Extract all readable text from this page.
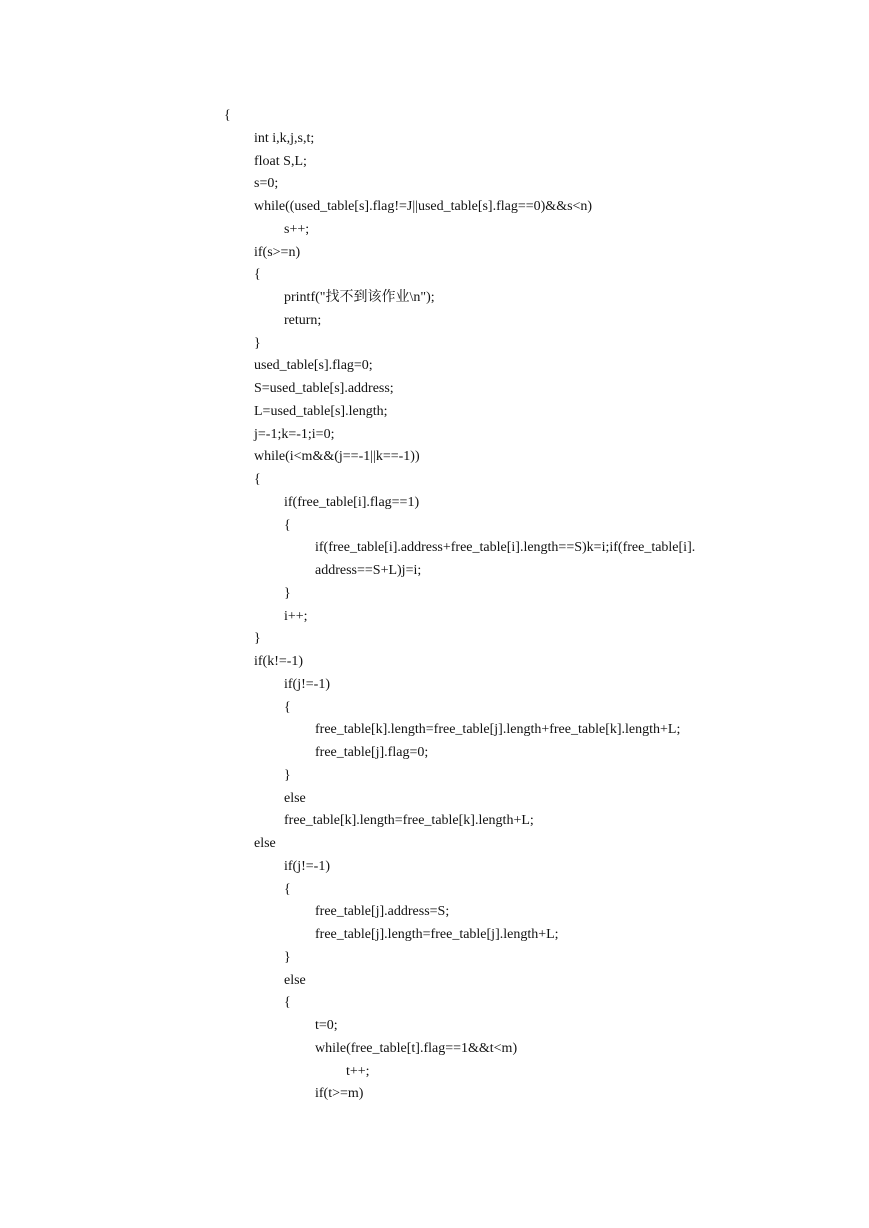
{
int i,k,j,s,t;
float S,L;
s=0;
while((used_table[s].flag!=J||used_table[s].flag==0)&&s<n)
s++;
if(s>=n)
{
printf("找不到该作业\n");
return;
}
used_table[s].flag=0;
S=used_table[s].address;
L=used_table[s].length;
j=-1;k=-1;i=0;
while(i<m&&(j==-1||k==-1))
{
if(free_table[i].flag==1)
{
if(free_table[i].address+free_table[i].length==S)k=i;if(free_table[i].
address==S+L)j=i;
}
i++;
}
if(k!=-1)
if(j!=-1)
{
free_table[k].length=free_table[j].length+free_table[k].length+L;
free_table[j].flag=0;
}
else
free_table[k].length=free_table[k].length+L;
else
if(j!=-1)
{
free_table[j].address=S;
free_table[j].length=free_table[j].length+L;
}
else
{
t=0;
while(free_table[t].flag==1&&t<m)
t++;
if(t>=m)
